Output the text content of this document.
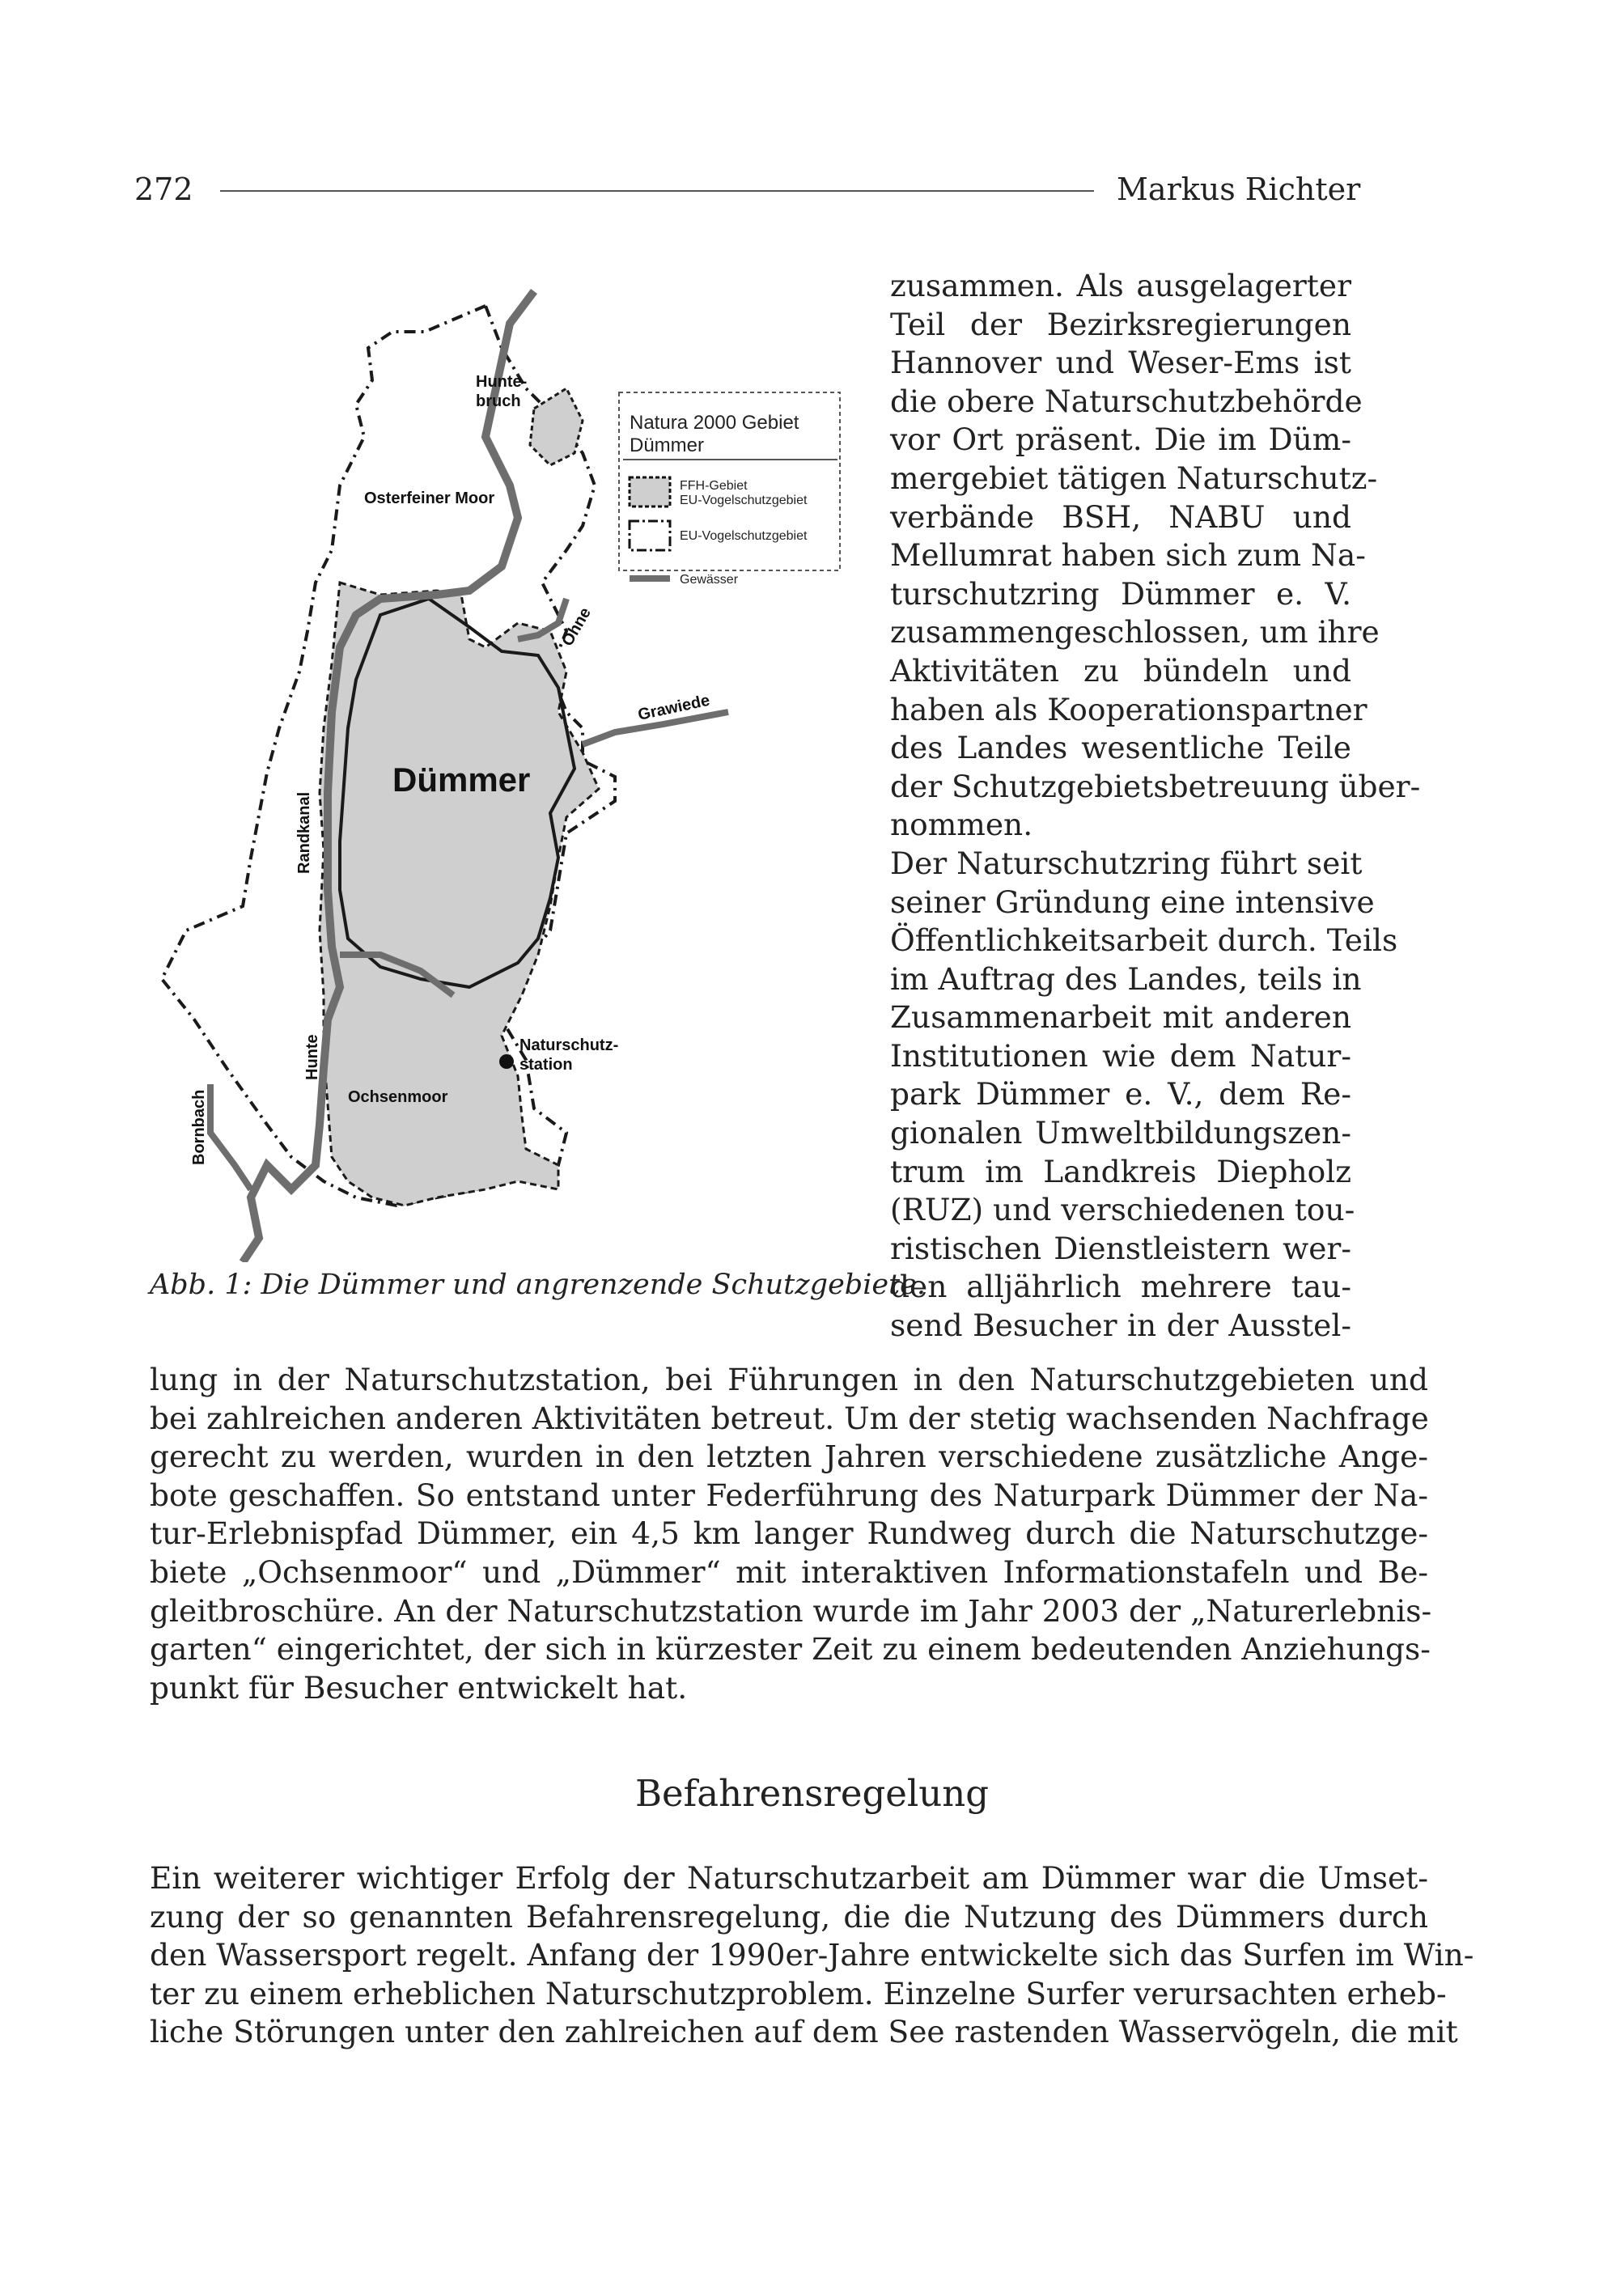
272	Markus Richter
Hunte-
bruch
Osterfeiner Moor
Dümmer
Ochsenmoor
Naturschutz-
station
Randkanal
Hunte
Bornbach
Ohne
Grawiede
Natura 2000 Gebiet
Dümmer
FFH-Gebiet
EU-Vogelschutzgebiet
EU-Vogelschutzgebiet
Gewässer
Abb. 1: Die Dümmer und angrenzende Schutzgebiete.
zusammen. Als ausgelagerter
Teil der Bezirksregierungen
Hannover und Weser-Ems ist
die obere Naturschutzbehörde
vor Ort präsent. Die im Düm-
mergebiet tätigen Naturschutz-
verbände BSH, NABU und
Mellumrat haben sich zum Na-
turschutzring Dümmer e. V.
zusammengeschlossen, um ihre
Aktivitäten zu bündeln und
haben als Kooperationspartner
des Landes wesentliche Teile
der Schutzgebietsbetreuung über-
nommen.
Der Naturschutzring führt seit
seiner Gründung eine intensive
Öffentlichkeitsarbeit durch. Teils
im Auftrag des Landes, teils in
Zusammenarbeit mit anderen
Institutionen wie dem Natur-
park Dümmer e. V., dem Re-
gionalen Umweltbildungszen-
trum im Landkreis Diepholz
(RUZ) und verschiedenen tou-
ristischen Dienstleistern wer-
den alljährlich mehrere tau-
send Besucher in der Ausstel-
lung in der Naturschutzstation, bei Führungen in den Naturschutzgebieten und
bei zahlreichen anderen Aktivitäten betreut. Um der stetig wachsenden Nachfrage
gerecht zu werden, wurden in den letzten Jahren verschiedene zusätzliche Ange-
bote geschaffen. So entstand unter Federführung des Naturpark Dümmer der Na-
tur-Erlebnispfad Dümmer, ein 4,5 km langer Rundweg durch die Naturschutzge-
biete „Ochsenmoor“ und „Dümmer“ mit interaktiven Informationstafeln und Be-
gleitbroschüre. An der Naturschutzstation wurde im Jahr 2003 der „Naturerlebnis-
garten“ eingerichtet, der sich in kürzester Zeit zu einem bedeutenden Anziehungs-
punkt für Besucher entwickelt hat.
Befahrensregelung
Ein weiterer wichtiger Erfolg der Naturschutzarbeit am Dümmer war die Umset-
zung der so genannten Befahrensregelung, die die Nutzung des Dümmers durch
den Wassersport regelt. Anfang der 1990er-Jahre entwickelte sich das Surfen im Win-
ter zu einem erheblichen Naturschutzproblem. Einzelne Surfer verursachten erheb-
liche Störungen unter den zahlreichen auf dem See rastenden Wasservögeln, die mit
